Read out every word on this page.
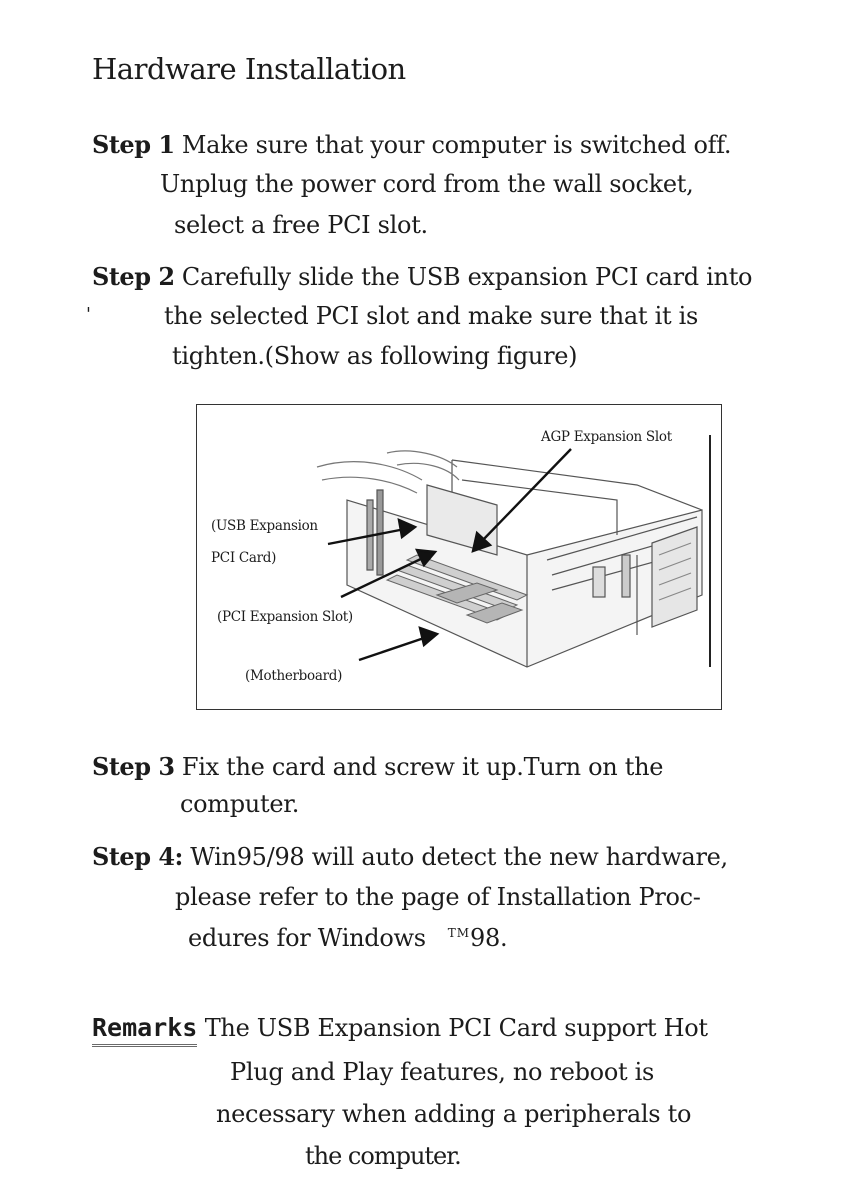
Hardware Installation
Step 1 Make sure that your computer is switched off.
Unplug the power cord from the wall socket,
select a free PCI slot.
Step 2 Carefully slide the USB expansion PCI card into
'	the selected PCI slot and make sure that it is
tighten.(Show as following figure)
AGP Expansion Slot
(USB Expansion
PCI Card)
(PCI Expansion Slot)
(Motherboard)
Step 3 Fix the card and screw it up.Turn on the
computer.
Step 4: Win95/98 will auto detect the new hardware,
please refer to the page of Installation Proc-
edures for Windows ™98.
Remarks The USB Expansion PCI Card support Hot
Plug and Play features, no reboot is
necessary when adding a peripherals to
the computer.
